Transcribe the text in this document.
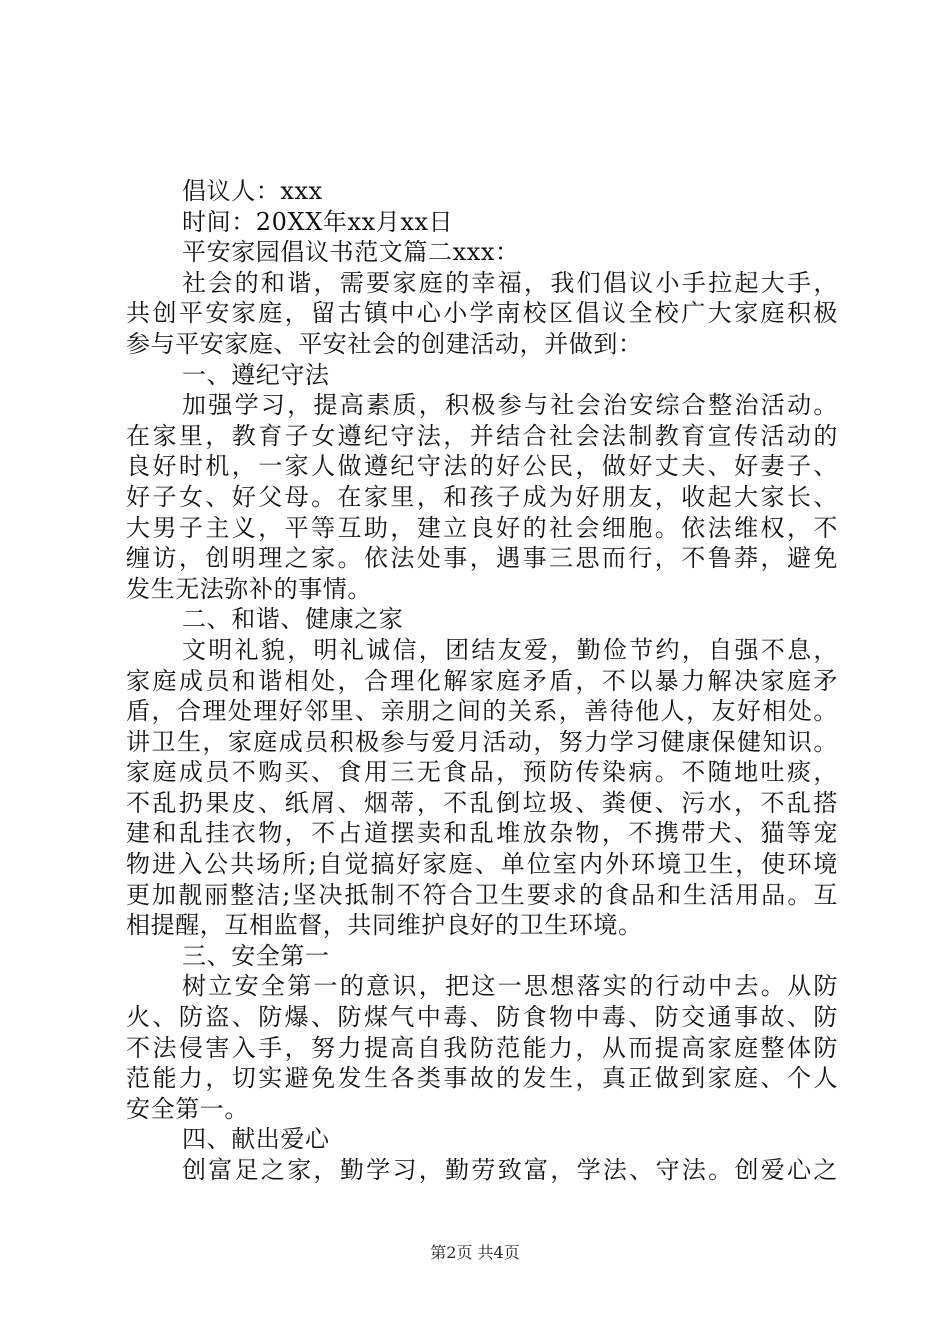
倡议人：xxx
时间：20XX年xx月xx日
平安家园倡议书范文篇二xxx：
社会的和谐，需要家庭的幸福，我们倡议小手拉起大手，
共创平安家庭，留古镇中心小学南校区倡议全校广大家庭积极
参与平安家庭、平安社会的创建活动，并做到：
一、遵纪守法
加强学习，提高素质，积极参与社会治安综合整治活动。
在家里，教育子女遵纪守法，并结合社会法制教育宣传活动的
良好时机，一家人做遵纪守法的好公民，做好丈夫、好妻子、
好子女、好父母。在家里，和孩子成为好朋友，收起大家长、
大男子主义，平等互助，建立良好的社会细胞。依法维权，不
缠访，创明理之家。依法处事，遇事三思而行，不鲁莽，避免
发生无法弥补的事情。
二、和谐、健康之家
文明礼貌，明礼诚信，团结友爱，勤俭节约，自强不息，
家庭成员和谐相处，合理化解家庭矛盾，不以暴力解决家庭矛
盾，合理处理好邻里、亲朋之间的关系，善待他人，友好相处。
讲卫生，家庭成员积极参与爱月活动，努力学习健康保健知识。
家庭成员不购买、食用三无食品，预防传染病。不随地吐痰，
不乱扔果皮、纸屑、烟蒂，不乱倒垃圾、粪便、污水，不乱搭
建和乱挂衣物，不占道摆卖和乱堆放杂物，不携带犬、猫等宠
物进入公共场所;自觉搞好家庭、单位室内外环境卫生，使环境
更加靓丽整洁;坚决抵制不符合卫生要求的食品和生活用品。互
相提醒，互相监督，共同维护良好的卫生环境。
三、安全第一
树立安全第一的意识，把这一思想落实的行动中去。从防
火、防盗、防爆、防煤气中毒、防食物中毒、防交通事故、防
不法侵害入手，努力提高自我防范能力，从而提高家庭整体防
范能力，切实避免发生各类事故的发生，真正做到家庭、个人
安全第一。
四、献出爱心
创富足之家，勤学习，勤劳致富，学法、守法。创爱心之
第2页 共4页
